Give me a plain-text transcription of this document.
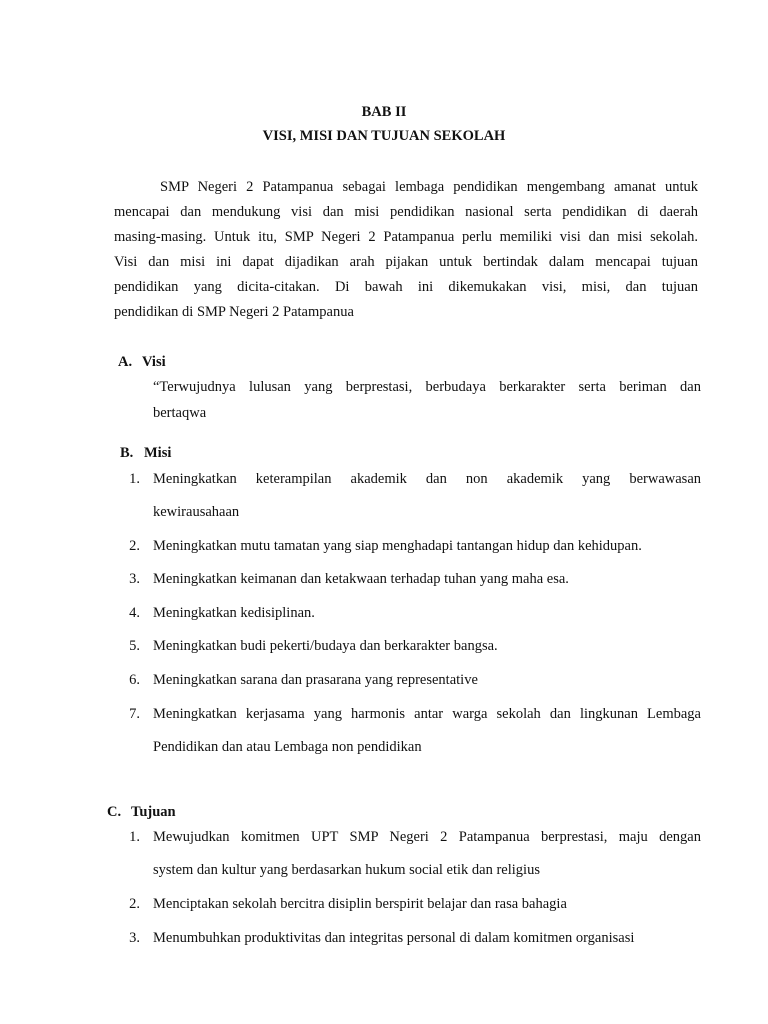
BAB II
VISI, MISI DAN TUJUAN SEKOLAH
SMP Negeri 2 Patampanua sebagai lembaga pendidikan mengembang amanat untuk
mencapai dan mendukung visi dan misi pendidikan nasional serta pendidikan di daerah
masing-masing. Untuk itu, SMP Negeri 2 Patampanua perlu memiliki visi dan misi sekolah.
Visi dan misi ini dapat dijadikan arah pijakan untuk bertindak dalam mencapai tujuan
pendidikan yang dicita-citakan. Di bawah ini dikemukakan visi, misi, dan tujuan
pendidikan di SMP Negeri 2 Patampanua
A. Visi
“Terwujudnya lulusan yang berprestasi, berbudaya berkarakter serta beriman dan
bertaqwa
B. Misi
1. Meningkatkan keterampilan akademik dan non akademik yang berwawasan
kewirausahaan
2. Meningkatkan mutu tamatan yang siap menghadapi tantangan hidup dan kehidupan.
3. Meningkatkan keimanan dan ketakwaan terhadap tuhan yang maha esa.
4. Meningkatkan kedisiplinan.
5. Meningkatkan budi pekerti/budaya dan berkarakter bangsa.
6. Meningkatkan sarana dan prasarana yang representative
7. Meningkatkan kerjasama yang harmonis antar warga sekolah dan lingkunan Lembaga
Pendidikan dan atau Lembaga non pendidikan
C. Tujuan
1. Mewujudkan komitmen UPT SMP Negeri 2 Patampanua berprestasi, maju dengan
system dan kultur yang berdasarkan hukum social etik dan religius
2. Menciptakan sekolah bercitra disiplin berspirit belajar dan rasa bahagia
3. Menumbuhkan produktivitas dan integritas personal di dalam komitmen organisasi
